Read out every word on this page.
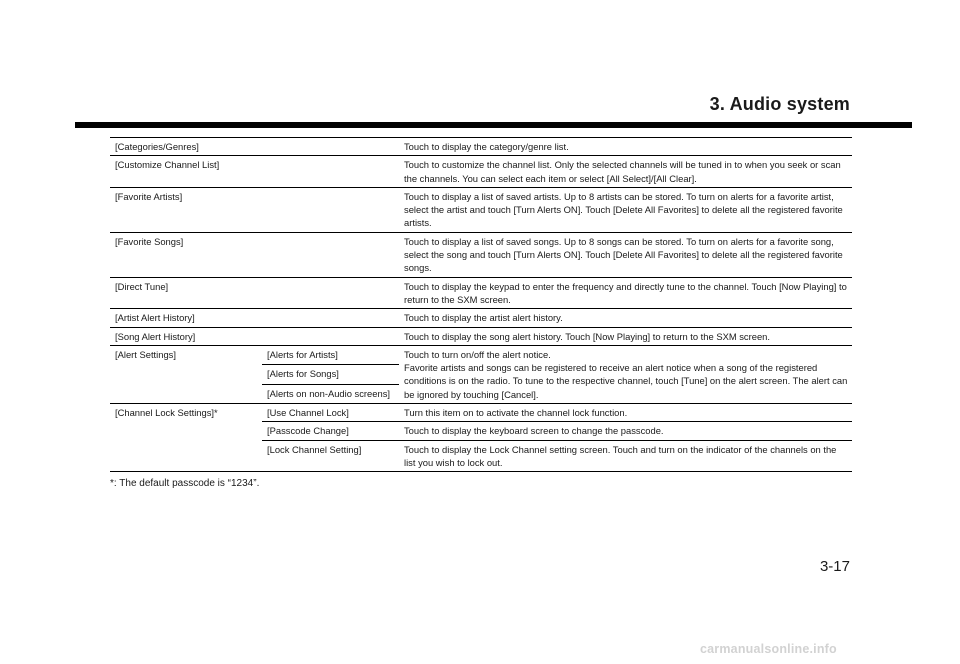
3. Audio system
[Categories/Genres]		Touch to display the category/genre list.
[Customize Channel List]		Touch to customize the channel list. Only the selected channels will be tuned in to when you seek or scan the channels. You can select each item or select [All Select]/[All Clear].
[Favorite Artists]		Touch to display a list of saved artists. Up to 8 artists can be stored. To turn on alerts for a favorite artist, select the artist and touch [Turn Alerts ON]. Touch [Delete All Favorites] to delete all the registered favorite artists.
[Favorite Songs]		Touch to display a list of saved songs. Up to 8 songs can be stored. To turn on alerts for a favorite song, select the song and touch [Turn Alerts ON]. Touch [Delete All Favorites] to delete all the registered favorite songs.
[Direct Tune]		Touch to display the keypad to enter the frequency and directly tune to the channel. Touch [Now Playing] to return to the SXM screen.
[Artist Alert History]		Touch to display the artist alert history.
[Song Alert History]		Touch to display the song alert history. Touch [Now Playing] to return to the SXM screen.
[Alert Settings]	[Alerts for Artists]	Touch to turn on/off the alert notice.
Favorite artists and songs can be registered to receive an alert notice when a song of the registered conditions is on the radio. To tune to the respective channel, touch [Tune] on the alert screen. The alert can be ignored by touching [Cancel].

	[Alerts for Songs]	
	[Alerts on non-Audio screens]	
[Channel Lock Settings]*	[Use Channel Lock]	Turn this item on to activate the channel lock function.
	[Passcode Change]	Touch to display the keyboard screen to change the passcode.
	[Lock Channel Setting]	Touch to display the Lock Channel setting screen. Touch and turn on the indicator of the channels on the list you wish to lock out.

*: The default passcode is “1234”.

3-17
carmanualsonline.info
